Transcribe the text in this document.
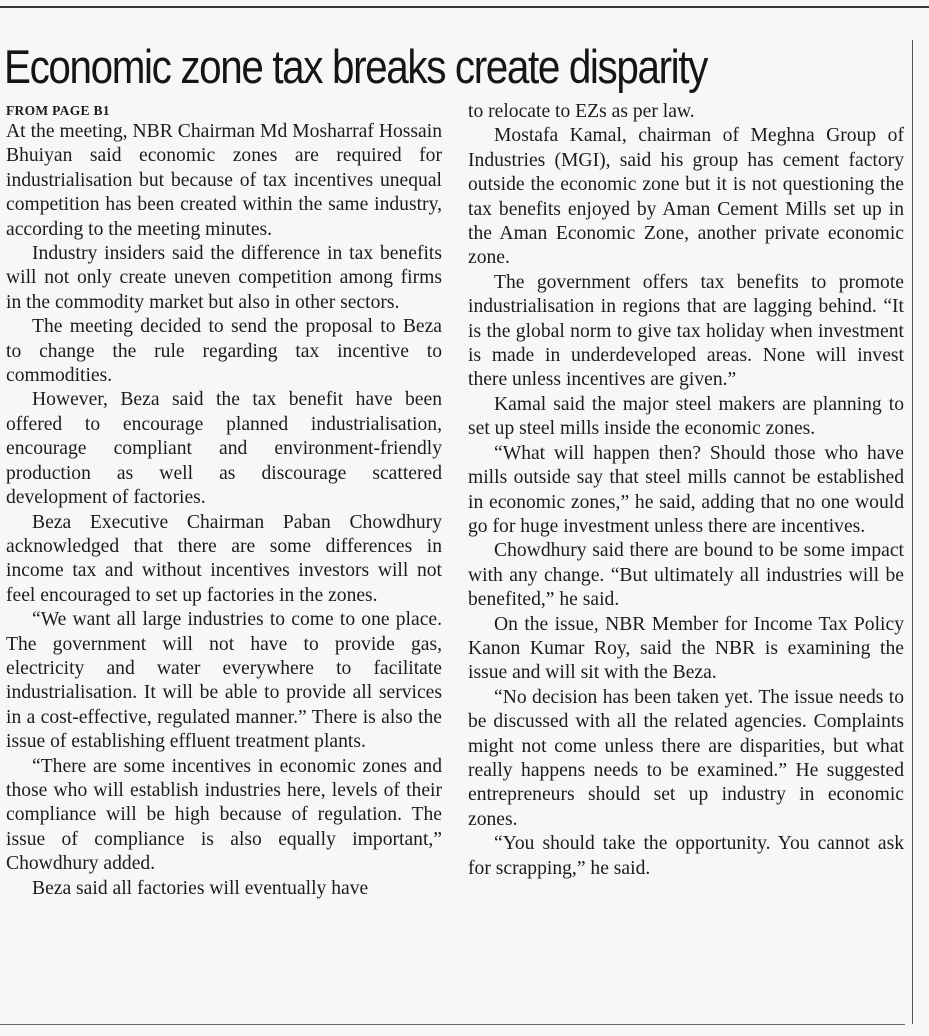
Economic zone tax breaks create disparity
FROM PAGE B1

At the meeting, NBR Chairman Md Mosharraf Hossain Bhuiyan said economic zones are required for industrialisation but because of tax incentives unequal competition has been created within the same industry, according to the meeting minutes.

Industry insiders said the difference in tax benefits will not only create uneven competition among firms in the commodity market but also in other sectors.

The meeting decided to send the proposal to Beza to change the rule regarding tax incentive to commodities.

However, Beza said the tax benefit have been offered to encourage planned industrialisation, encourage compliant and environment-friendly production as well as discourage scattered development of factories.

Beza Executive Chairman Paban Chowdhury acknowledged that there are some differences in income tax and without incentives investors will not feel encouraged to set up factories in the zones.

“We want all large industries to come to one place. The government will not have to provide gas, electricity and water everywhere to facilitate industrialisation. It will be able to provide all services in a cost-effective, regulated manner.” There is also the issue of establishing effluent treatment plants.

“There are some incentives in economic zones and those who will establish industries here, levels of their compliance will be high because of regulation. The issue of compliance is also equally important,” Chowdhury added.

Beza said all factories will eventually have

to relocate to EZs as per law.

Mostafa Kamal, chairman of Meghna Group of Industries (MGI), said his group has cement factory outside the economic zone but it is not questioning the tax benefits enjoyed by Aman Cement Mills set up in the Aman Economic Zone, another private economic zone.

The government offers tax benefits to promote industrialisation in regions that are lagging behind. “It is the global norm to give tax holiday when investment is made in underdeveloped areas. None will invest there unless incentives are given.”

Kamal said the major steel makers are planning to set up steel mills inside the economic zones.

“What will happen then? Should those who have mills outside say that steel mills cannot be established in economic zones,” he said, adding that no one would go for huge investment unless there are incentives.

Chowdhury said there are bound to be some impact with any change. “But ultimately all industries will be benefited,” he said.

On the issue, NBR Member for Income Tax Policy Kanon Kumar Roy, said the NBR is examining the issue and will sit with the Beza.

“No decision has been taken yet. The issue needs to be discussed with all the related agencies. Complaints might not come unless there are disparities, but what really happens needs to be examined.” He suggested entrepreneurs should set up industry in economic zones.

“You should take the opportunity. You cannot ask for scrapping,” he said.
